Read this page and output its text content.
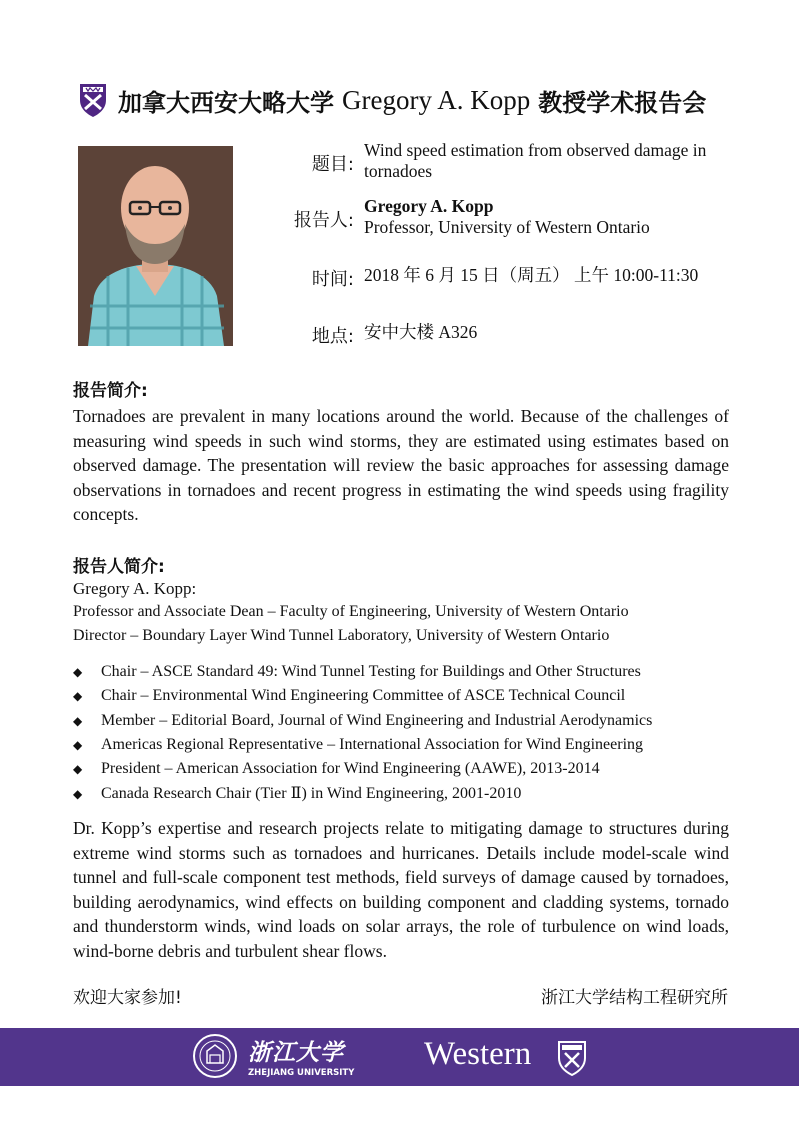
加拿大西安大略大学 Gregory A. Kopp 教授学术报告会
题目:
Wind speed estimation from observed damage in tornadoes
报告人:
Gregory A. Kopp
Professor, University of Western Ontario
时间: 2018 年 6 月 15 日（周五） 上午 10:00-11:30
地点: 安中大楼 A326
报告简介:
Tornadoes are prevalent in many locations around the world. Because of the challenges of measuring wind speeds in such wind storms, they are estimated using estimates based on observed damage. The presentation will review the basic approaches for assessing damage observations in tornadoes and recent progress in estimating the wind speeds using fragility concepts.
报告人简介:
Gregory A. Kopp:
Professor and Associate Dean – Faculty of Engineering, University of Western Ontario
Director – Boundary Layer Wind Tunnel Laboratory, University of Western Ontario
◆	Chair – ASCE Standard 49: Wind Tunnel Testing for Buildings and Other Structures
◆	Chair – Environmental Wind Engineering Committee of ASCE Technical Council
◆	Member – Editorial Board, Journal of Wind Engineering and Industrial Aerodynamics
◆	Americas Regional Representative – International Association for Wind Engineering
◆	President – American Association for Wind Engineering (AAWE), 2013-2014
◆	Canada Research Chair (Tier Ⅱ) in Wind Engineering, 2001-2010
Dr. Kopp’s expertise and research projects relate to mitigating damage to structures during extreme wind storms such as tornadoes and hurricanes. Details include model-scale wind tunnel and full-scale component test methods, field surveys of damage caused by tornadoes, building aerodynamics, wind effects on building component and cladding systems, tornado and thunderstorm winds, wind loads on solar arrays, the role of turbulence on wind loads, wind-borne debris and turbulent shear flows.
欢迎大家参加!	浙江大学结构工程研究所
浙江大学
ZHEJIANG UNIVERSITY
Western
